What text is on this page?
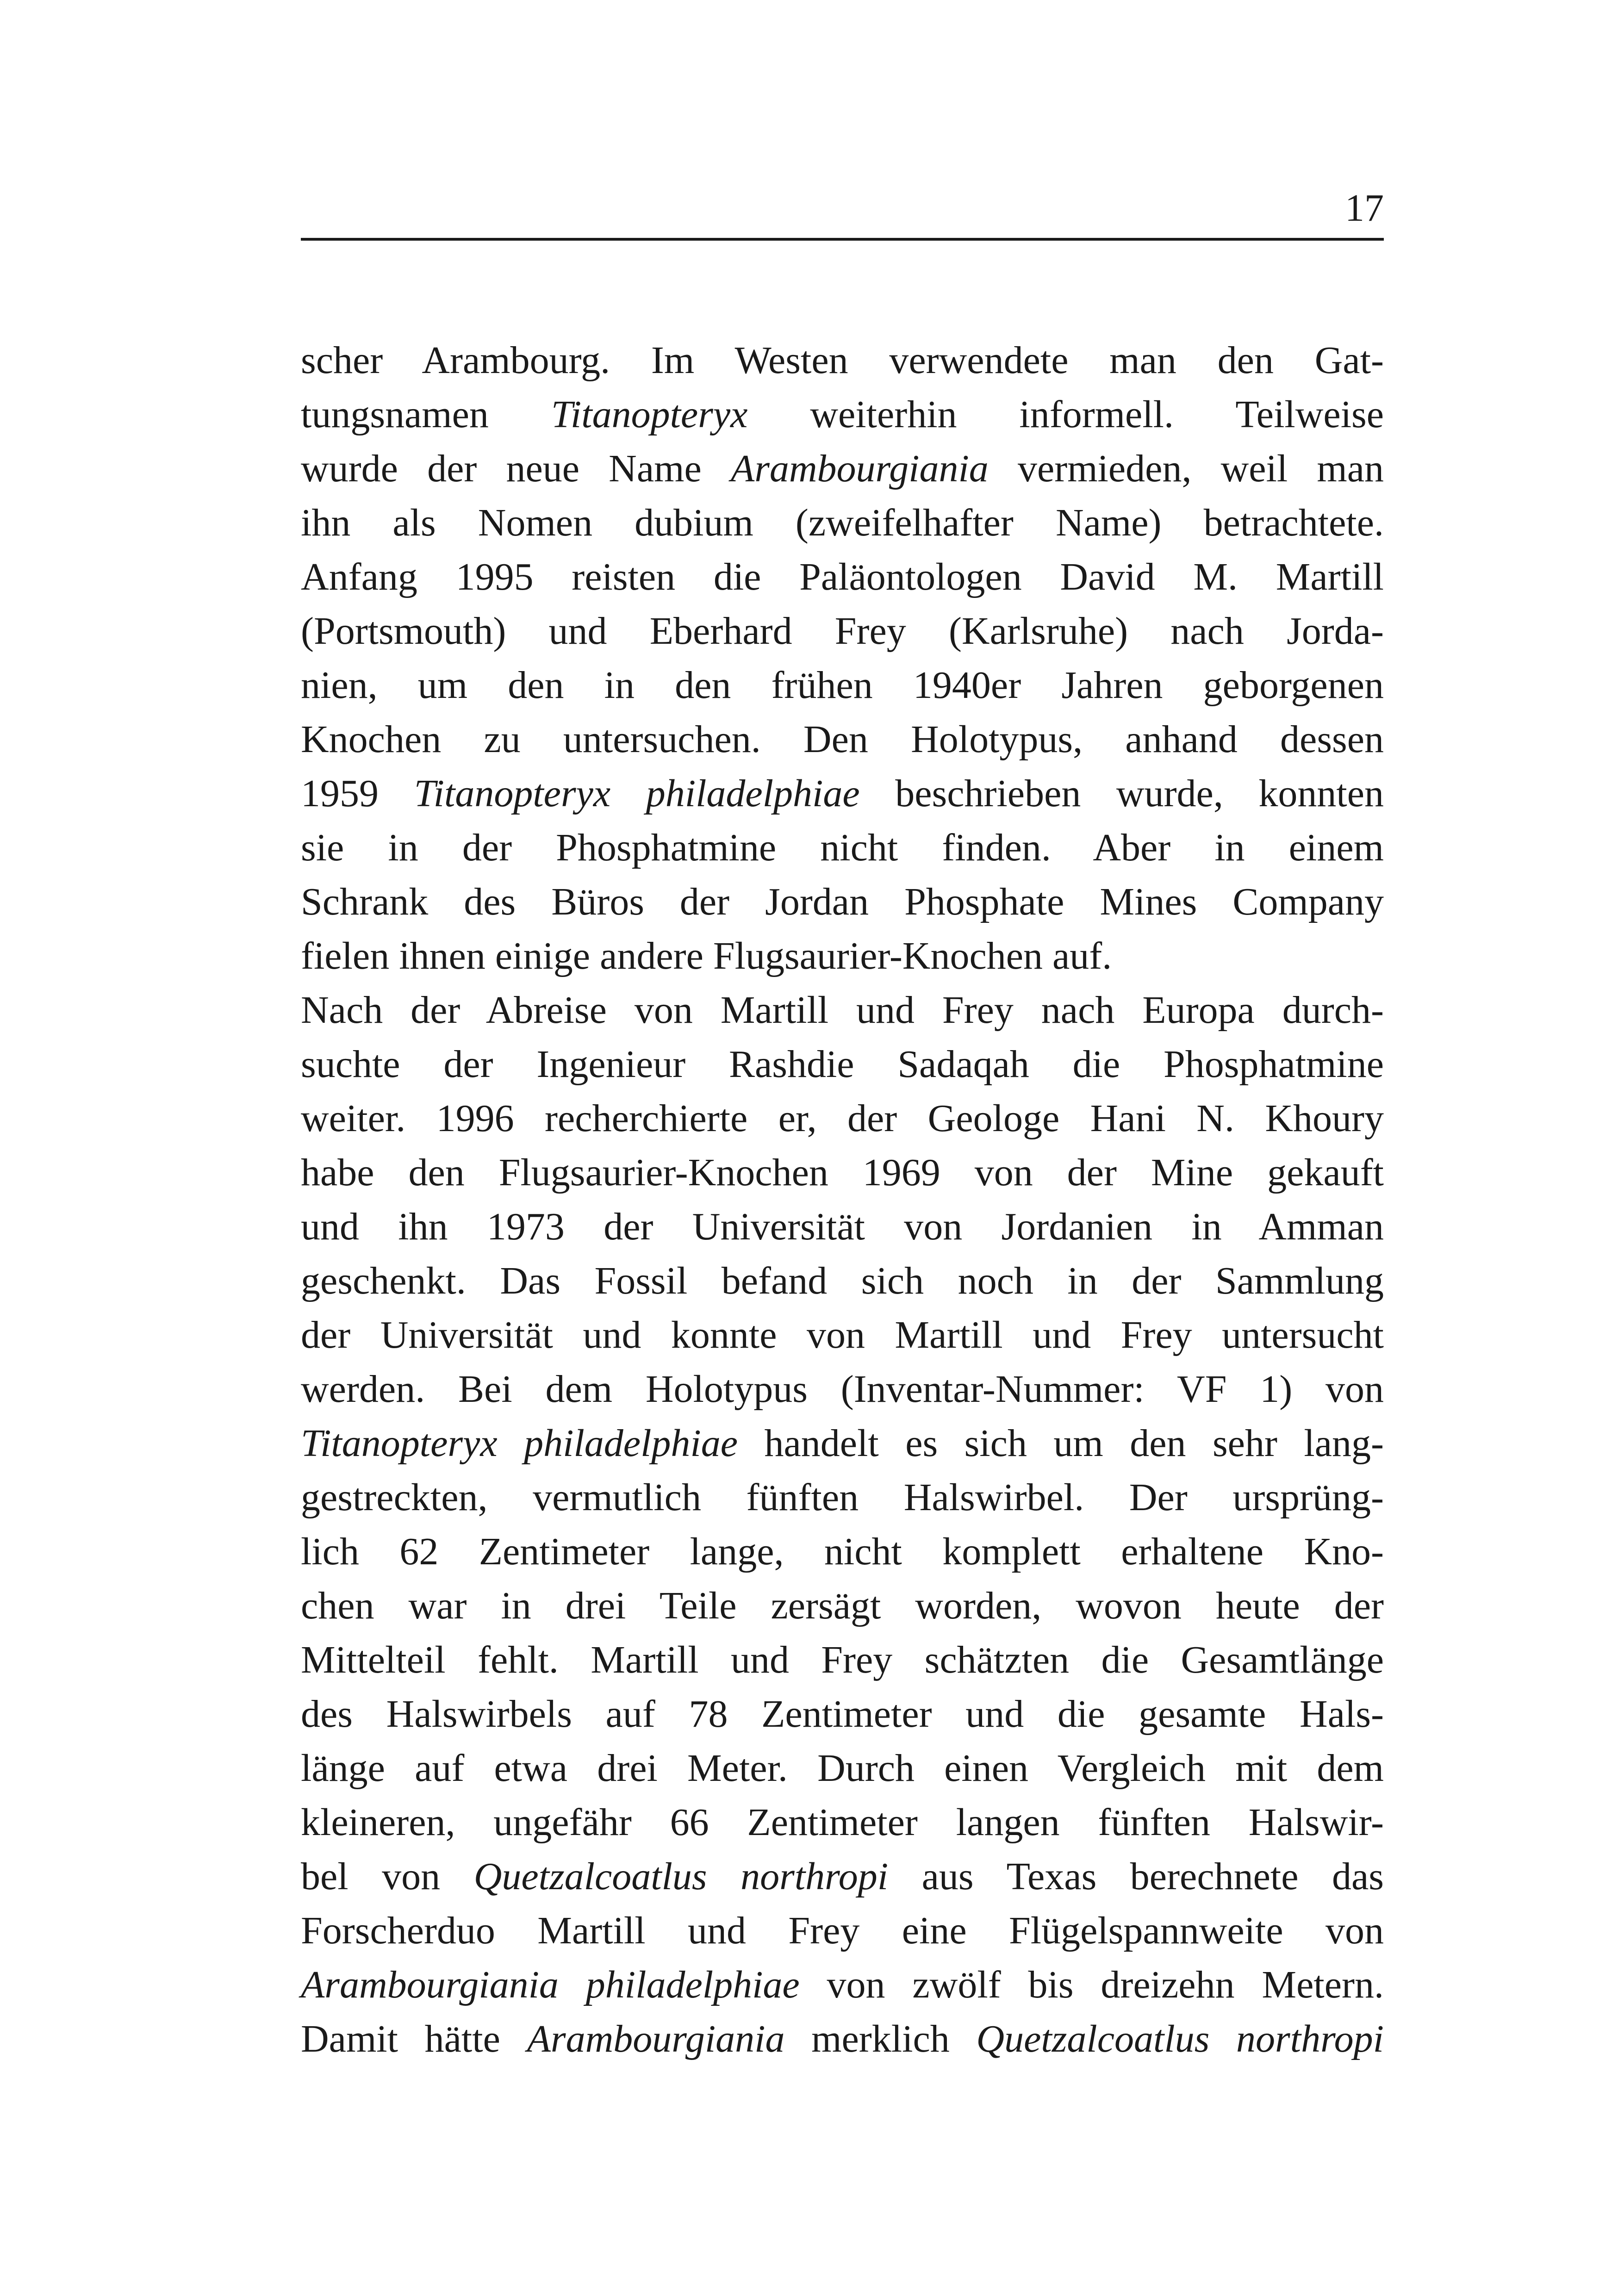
17
scher Arambourg. Im Westen verwendete man den Gat-
tungsnamen Titanopteryx weiterhin informell. Teilweise
wurde der neue Name Arambourgiania vermieden, weil man
ihn als Nomen dubium (zweifelhafter Name) betrachtete.
Anfang 1995 reisten die Paläontologen David M. Martill
(Portsmouth) und Eberhard Frey (Karlsruhe) nach Jorda-
nien, um den in den frühen 1940er Jahren geborgenen
Knochen zu untersuchen. Den Holotypus, anhand dessen
1959 Titanopteryx philadelphiae beschrieben wurde, konnten
sie in der Phosphatmine nicht finden. Aber in einem
Schrank des Büros der Jordan Phosphate Mines Company
fielen ihnen einige andere Flugsaurier-Knochen auf.
Nach der Abreise von Martill und Frey nach Europa durch-
suchte der Ingenieur Rashdie Sadaqah die Phosphatmine
weiter. 1996 recherchierte er, der Geologe Hani N. Khoury
habe den Flugsaurier-Knochen 1969 von der Mine gekauft
und ihn 1973 der Universität von Jordanien in Amman
geschenkt. Das Fossil befand sich noch in der Sammlung
der Universität und konnte von Martill und Frey untersucht
werden. Bei dem Holotypus (Inventar-Nummer: VF 1) von
Titanopteryx philadelphiae handelt es sich um den sehr lang-
gestreckten, vermutlich fünften Halswirbel. Der ursprüng-
lich 62 Zentimeter lange, nicht komplett erhaltene Kno-
chen war in drei Teile zersägt worden, wovon heute der
Mittelteil fehlt. Martill und Frey schätzten die Gesamtlänge
des Halswirbels auf 78 Zentimeter und die gesamte Hals-
länge auf etwa drei Meter. Durch einen Vergleich mit dem
kleineren, ungefähr 66 Zentimeter langen fünften Halswir-
bel von Quetzalcoatlus northropi aus Texas berechnete das
Forscherduo Martill und Frey eine Flügelspannweite von
Arambourgiania philadelphiae von zwölf bis dreizehn Metern.
Damit hätte Arambourgiania merklich Quetzalcoatlus northropi
